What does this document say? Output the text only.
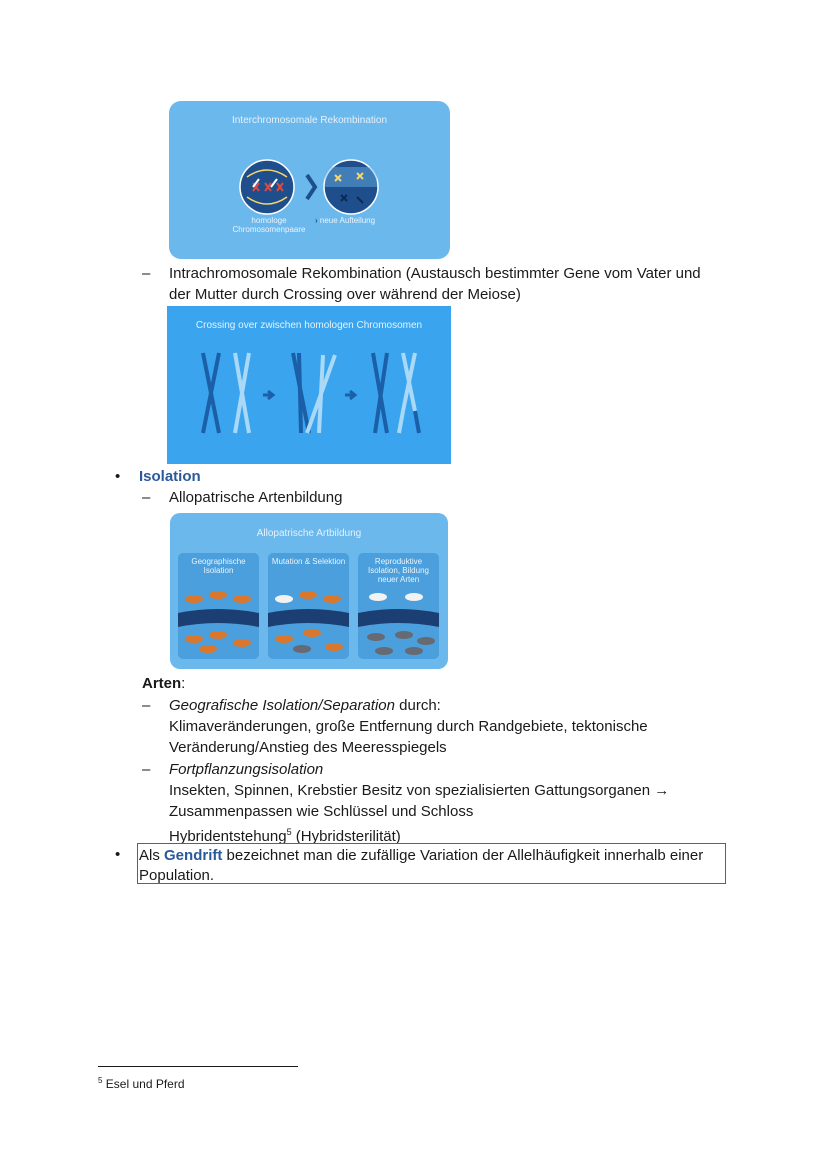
Interchromosomale Rekombination
homologe Chromosomenpaare
› neue Aufteilung
– Intrachromosomale Rekombination (Austausch bestimmter Gene vom Vater und
der Mutter durch Crossing over während der Meiose)
Crossing over zwischen homologen Chromosomen
• Isolation
– Allopatrische Artenbildung
Allopatrische Artbildung
Geographische Isolation
Mutation & Selektion	Reproduktive Isolation, Bildung neuer Arten
Arten:
– Geografische Isolation/Separation durch:
Klimaveränderungen, große Entfernung durch Randgebiete, tektonische
Veränderung/Anstieg des Meeresspiegels
– Fortpflanzungsisolation
Insekten, Spinnen, Krebstier Besitz von spezialisierten Gattungsorganen →
Zusammenpassen wie Schlüssel und Schloss
Hybridentstehung$^5$ (Hybridsterilität)
• Als Gendrift bezeichnet man die zufällige Variation der Allelhäufigkeit innerhalb einer
Population.
$^5$ Esel und Pferd
